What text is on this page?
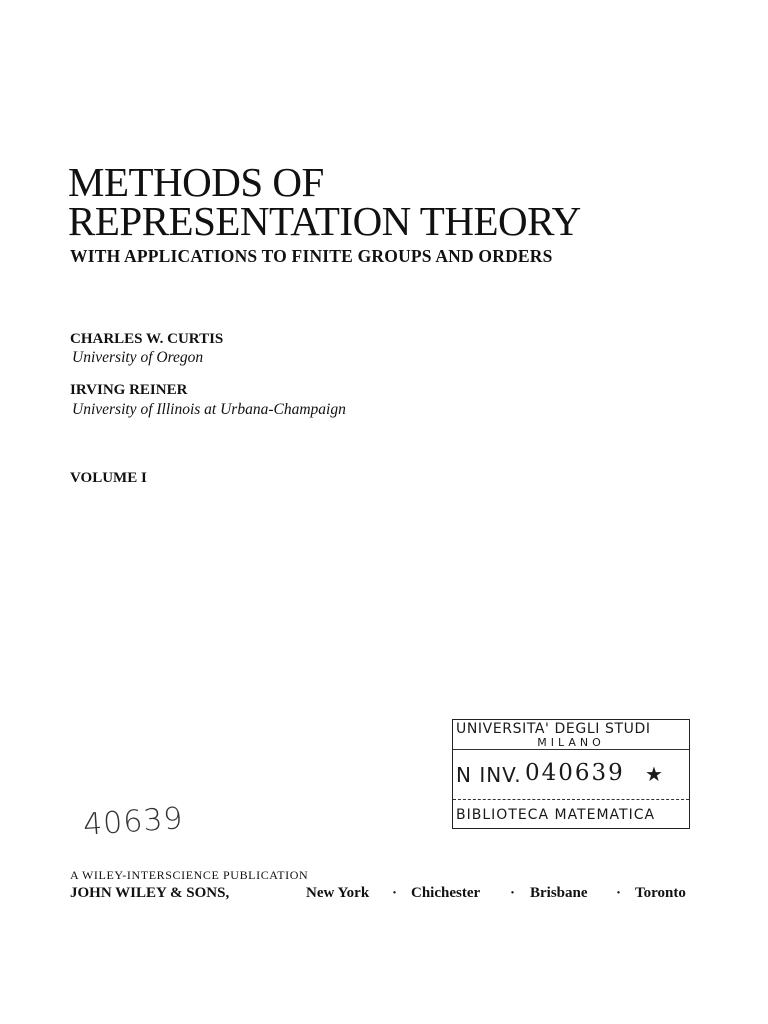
METHODS OF
REPRESENTATION THEORY
WITH APPLICATIONS TO FINITE GROUPS AND ORDERS
CHARLES W. CURTIS
University of Oregon
IRVING REINER
University of Illinois at Urbana-Champaign
VOLUME I
UNIVERSITA' DEGLI STUDI
MILANO
N INV. 040639 ★
BIBLIOTECA MATEMATICA
40639
A WILEY-INTERSCIENCE PUBLICATION
JOHN WILEY & SONS,	New York · Chichester · Brisbane · Toronto
